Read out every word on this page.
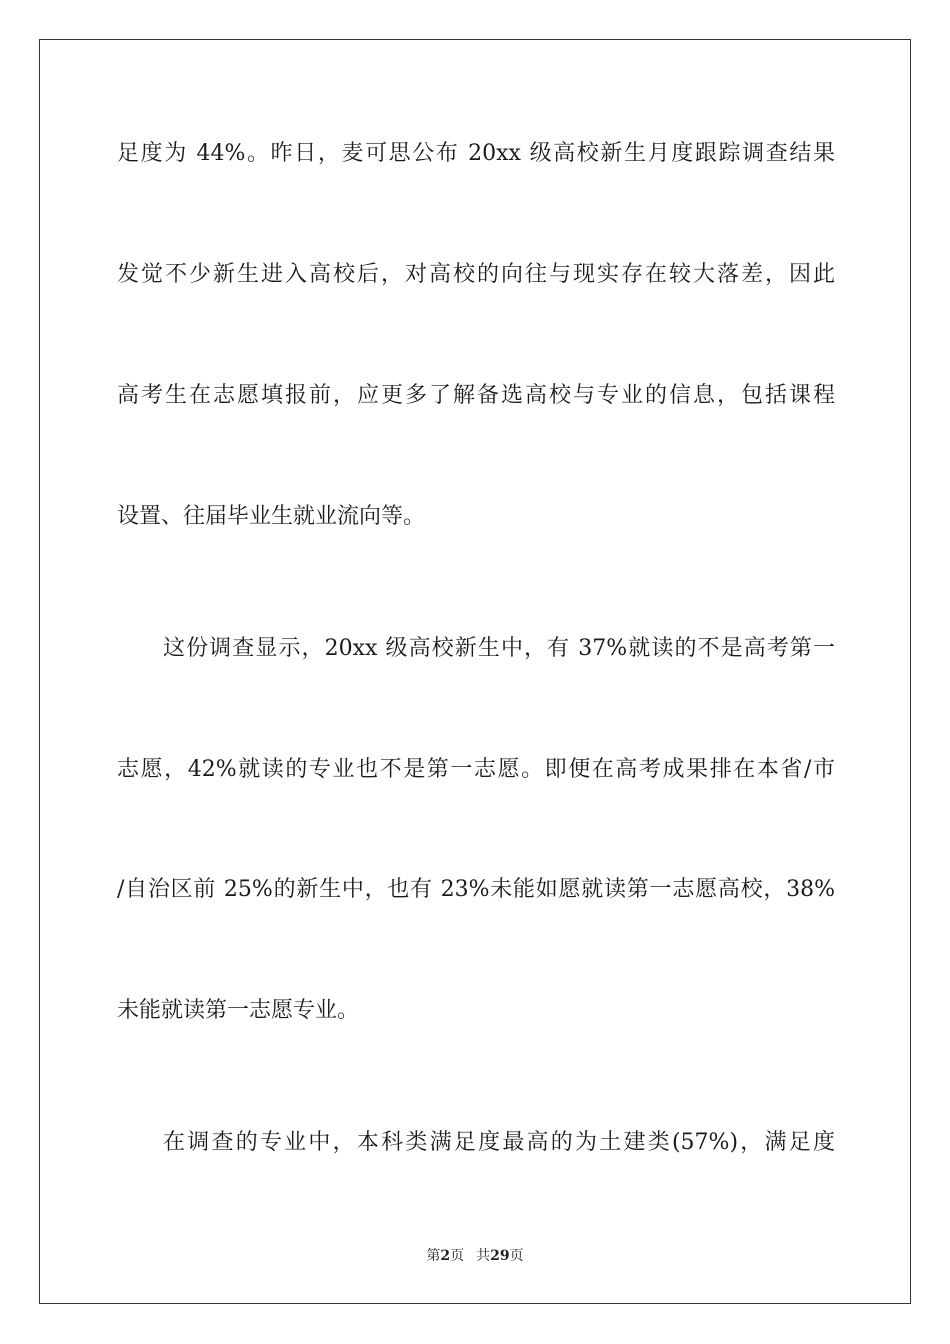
足度为 44%。昨日，麦可思公布 20xx 级高校新生月度跟踪调查结果
发觉不少新生进入高校后，对高校的向往与现实存在较大落差，因此
高考生在志愿填报前，应更多了解备选高校与专业的信息，包括课程
设置、往届毕业生就业流向等。
这份调查显示，20xx 级高校新生中，有 37%就读的不是高考第一
志愿，42%就读的专业也不是第一志愿。即便在高考成果排在本省/市
/自治区前 25%的新生中，也有 23%未能如愿就读第一志愿高校，38%
未能就读第一志愿专业。
在调查的专业中，本科类满足度最高的为土建类(57%)，满足度
第2页 共29页
